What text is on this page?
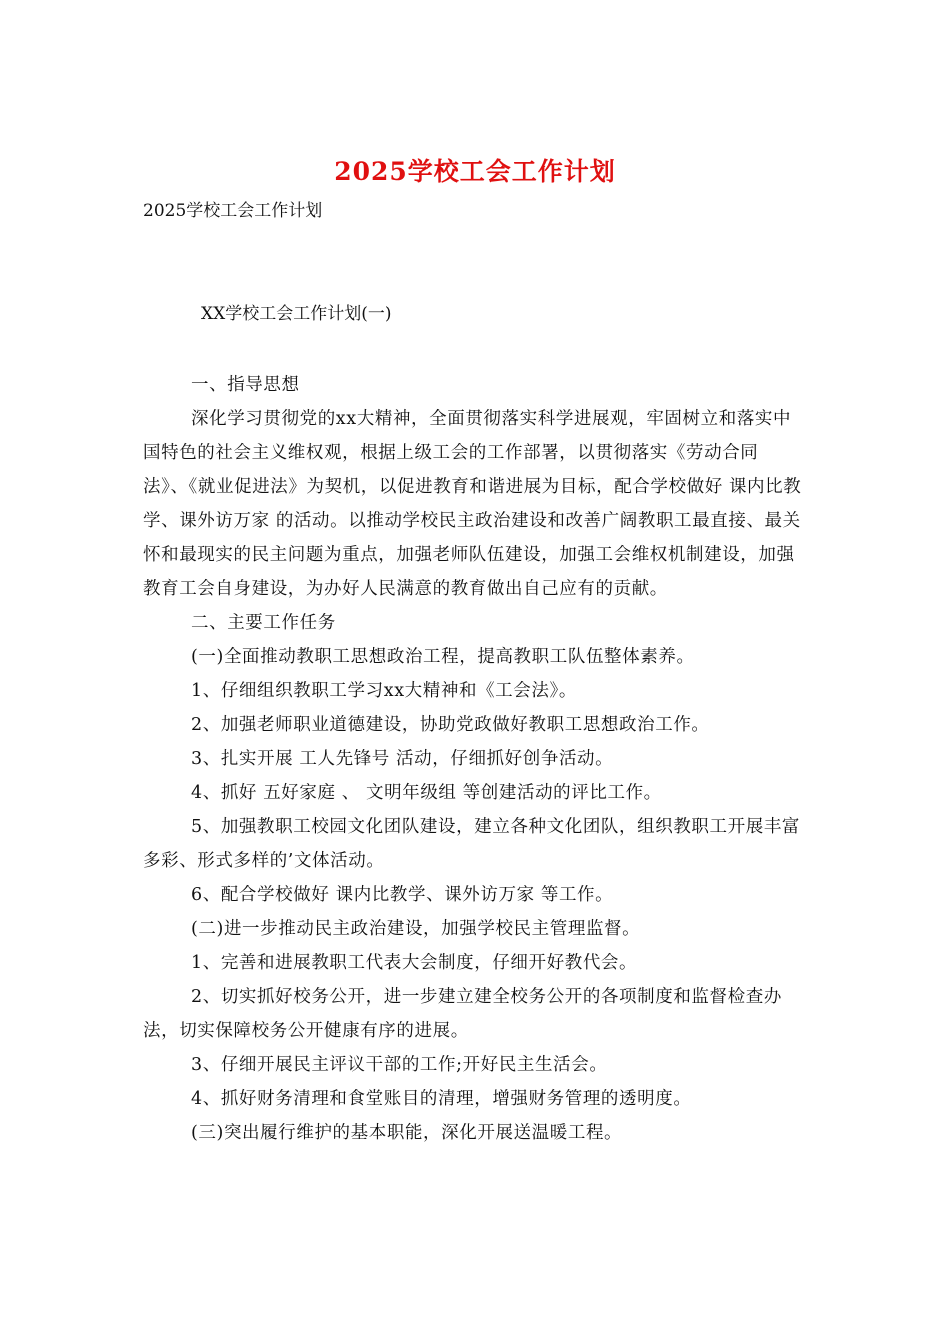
2025学校工会工作计划
2025学校工会工作计划
XX学校工会工作计划(一)

一、指导思想

深化学习贯彻党的xx大精神，全面贯彻落实科学进展观，牢固树立和落实中国特色的社会主义维权观，根据上级工会的工作部署，以贯彻落实《劳动合同法》、《就业促进法》为契机，以促进教育和谐进展为目标，配合学校做好 课内比教学、课外访万家 的活动。以推动学校民主政治建设和改善广阔教职工最直接、最关怀和最现实的民主问题为重点，加强老师队伍建设，加强工会维权机制建设，加强教育工会自身建设，为办好人民满意的教育做出自己应有的贡献。

二、主要工作任务

(一)全面推动教职工思想政治工程，提高教职工队伍整体素养。

1、仔细组织教职工学习xx大精神和《工会法》。

2、加强老师职业道德建设，协助党政做好教职工思想政治工作。

3、扎实开展 工人先锋号 活动，仔细抓好创争活动。

4、抓好 五好家庭 、 文明年级组 等创建活动的评比工作。

5、加强教职工校园文化团队建设，建立各种文化团队，组织教职工开展丰富多彩、形式多样的’文体活动。

6、配合学校做好 课内比教学、课外访万家 等工作。

(二)进一步推动民主政治建设，加强学校民主管理监督。

1、完善和进展教职工代表大会制度，仔细开好教代会。

2、切实抓好校务公开，进一步建立建全校务公开的各项制度和监督检查办法，切实保障校务公开健康有序的进展。

3、仔细开展民主评议干部的工作;开好民主生活会。

4、抓好财务清理和食堂账目的清理，增强财务管理的透明度。

(三)突出履行维护的基本职能，深化开展送温暖工程。
